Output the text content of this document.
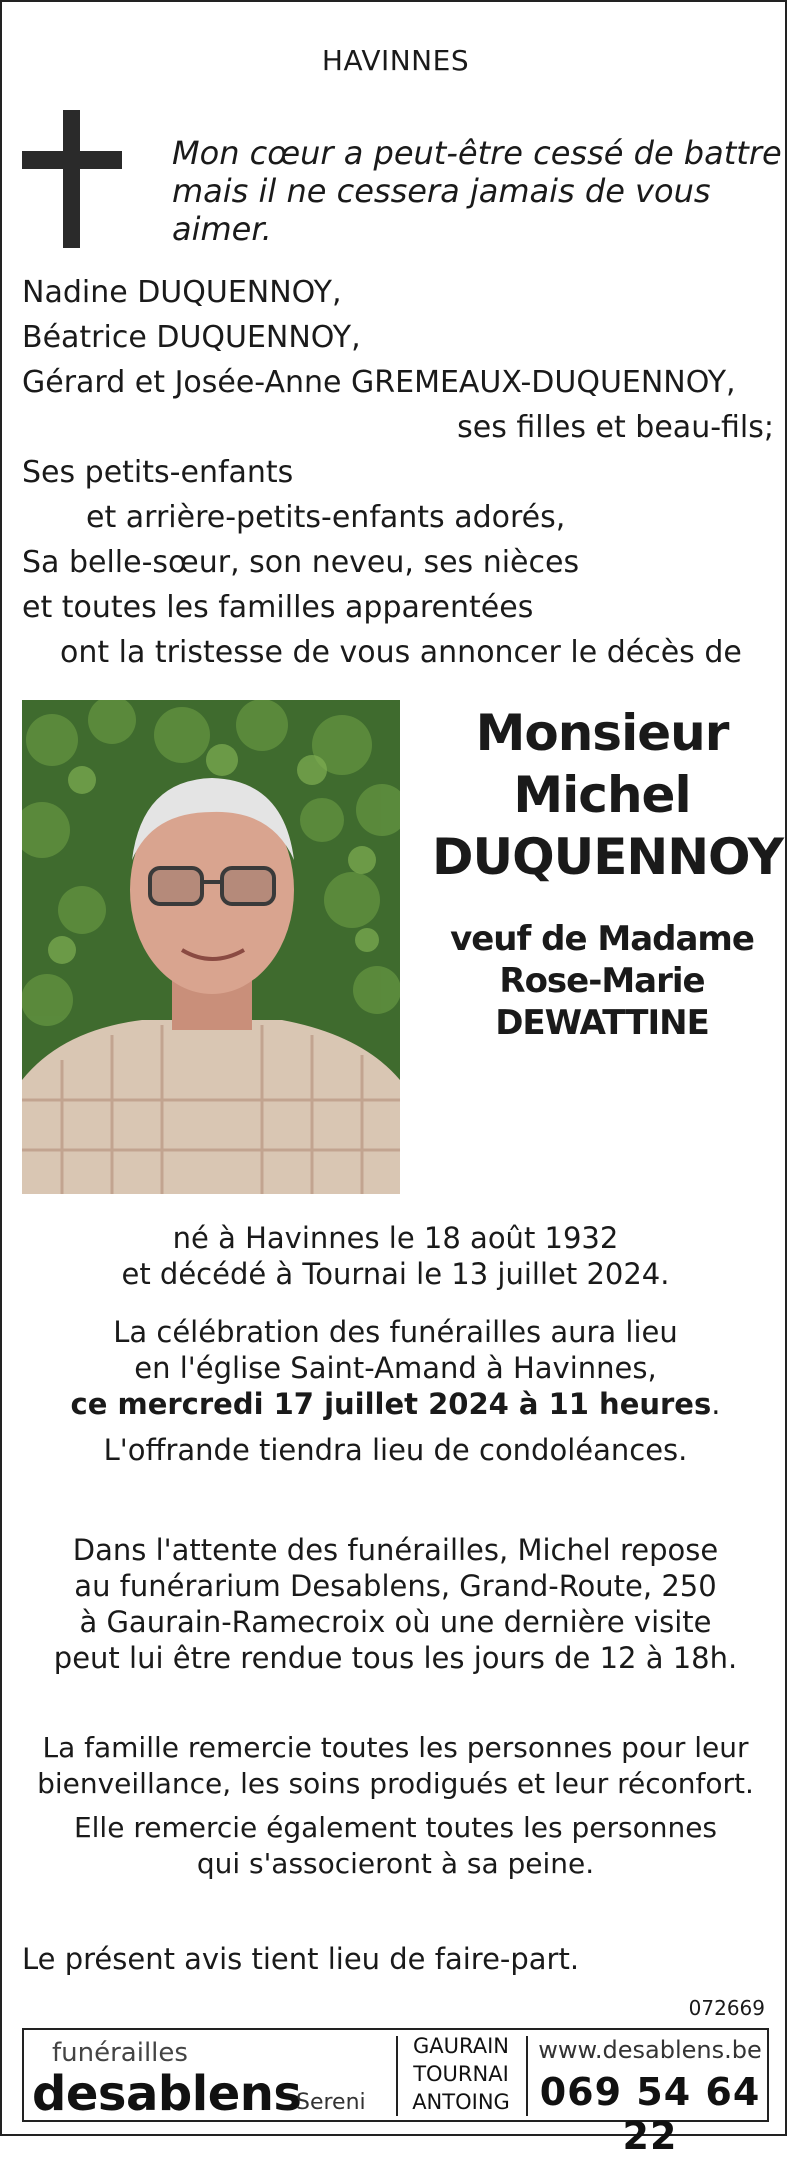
HAVINNES
Mon cœur a peut-être cessé de battre
mais il ne cessera jamais de vous aimer.
Nadine DUQUENNOY,
Béatrice DUQUENNOY,
Gérard et Josée-Anne GREMEAUX-DUQUENNOY,
ses filles et beau-fils;
Ses petits-enfants
et arrière-petits-enfants adorés,
Sa belle-sœur, son neveu, ses nièces
et toutes les familles apparentées
ont la tristesse de vous annoncer le décès de
Monsieur
Michel
DUQUENNOY
veuf de Madame
Rose-Marie
DEWATTINE
né à Havinnes le 18 août 1932
et décédé à Tournai le 13 juillet 2024.
La célébration des funérailles aura lieu
en l'église Saint-Amand à Havinnes,
ce mercredi 17 juillet 2024 à 11 heures.
L'offrande tiendra lieu de condoléances.
Dans l'attente des funérailles, Michel repose
au funérarium Desablens, Grand-Route, 250
à Gaurain-Ramecroix où une dernière visite
peut lui être rendue tous les jours de 12 à 18h.
La famille remercie toutes les personnes pour leur
bienveillance, les soins prodigués et leur réconfort.
Elle remercie également toutes les personnes
qui s'associeront à sa peine.
Le présent avis tient lieu de faire-part.
072669
funérailles
desablens
Sereni
GAURAIN
TOURNAI
ANTOING
www.desablens.be
069 54 64 22
